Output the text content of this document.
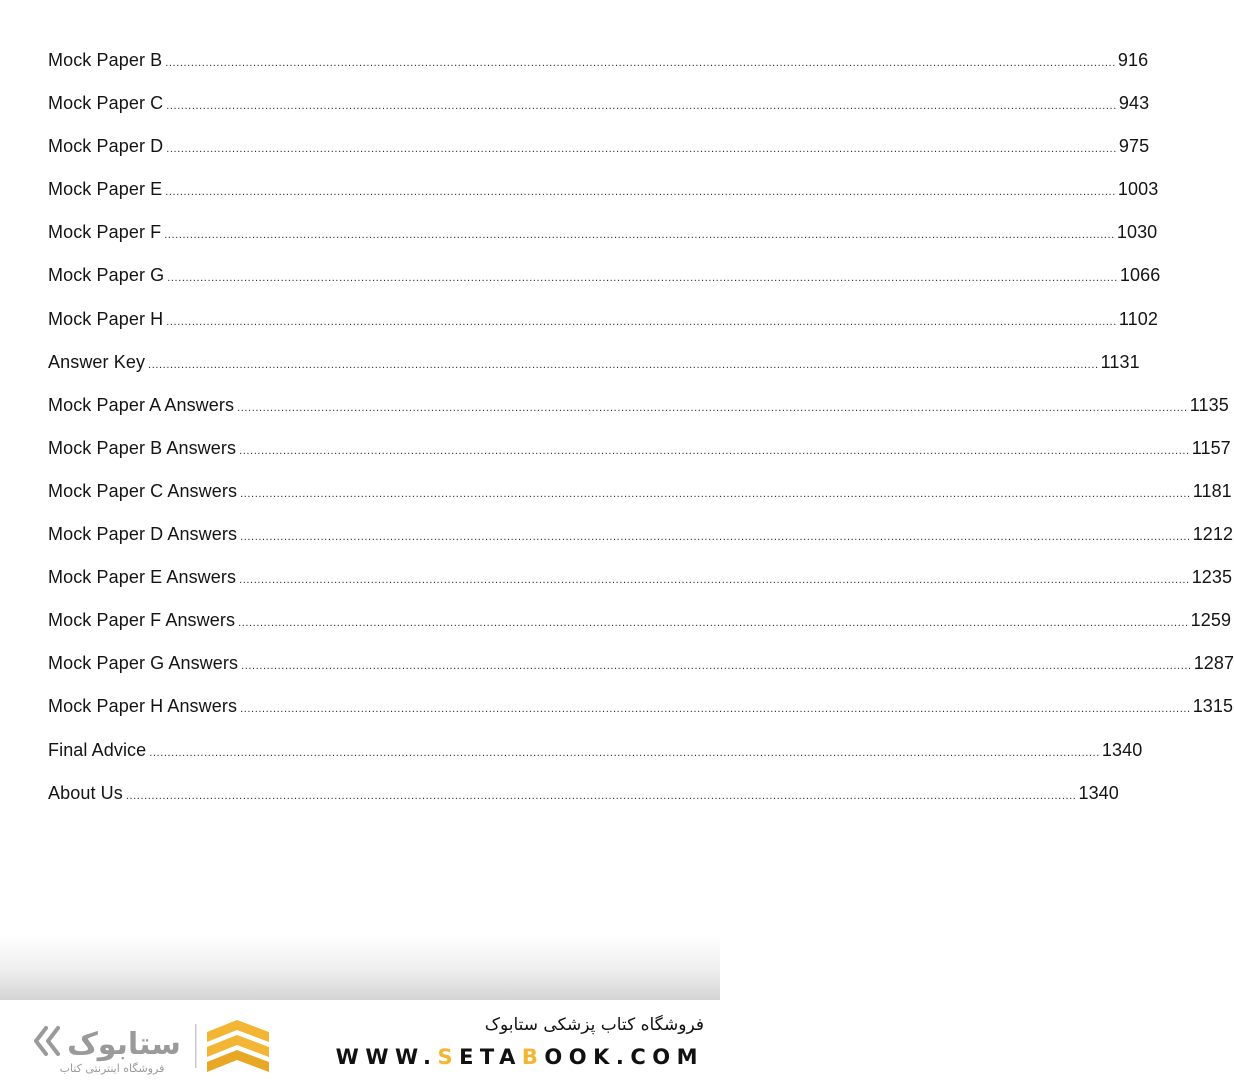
Mock Paper B .................................................................................................................................................................................................................................................................... 916
Mock Paper C .................................................................................................................................................................................................................................................................... 943
Mock Paper D .................................................................................................................................................................................................................................................................... 975
Mock Paper E .................................................................................................................................................................................................................................................................... 1003
Mock Paper F .................................................................................................................................................................................................................................................................... 1030
Mock Paper G .................................................................................................................................................................................................................................................................... 1066
Mock Paper H .................................................................................................................................................................................................................................................................... 1102
Answer Key .................................................................................................................................................................................................................................................................... 1131
Mock Paper A Answers .................................................................................................................................................................................................................................................................... 1135
Mock Paper B Answers .................................................................................................................................................................................................................................................................... 1157
Mock Paper C Answers .................................................................................................................................................................................................................................................................... 1181
Mock Paper D Answers .................................................................................................................................................................................................................................................................... 1212
Mock Paper E Answers .................................................................................................................................................................................................................................................................... 1235
Mock Paper F Answers .................................................................................................................................................................................................................................................................... 1259
Mock Paper G Answers .................................................................................................................................................................................................................................................................... 1287
Mock Paper H Answers .................................................................................................................................................................................................................................................................... 1315
Final Advice .................................................................................................................................................................................................................................................................... 1340
About Us .................................................................................................................................................................................................................................................................... 1340
ستابوک
فروشگاه اینترنتی کتاب
فروشگاه کتاب پزشکی ستابوک
WWW.SETABOOK.COM
